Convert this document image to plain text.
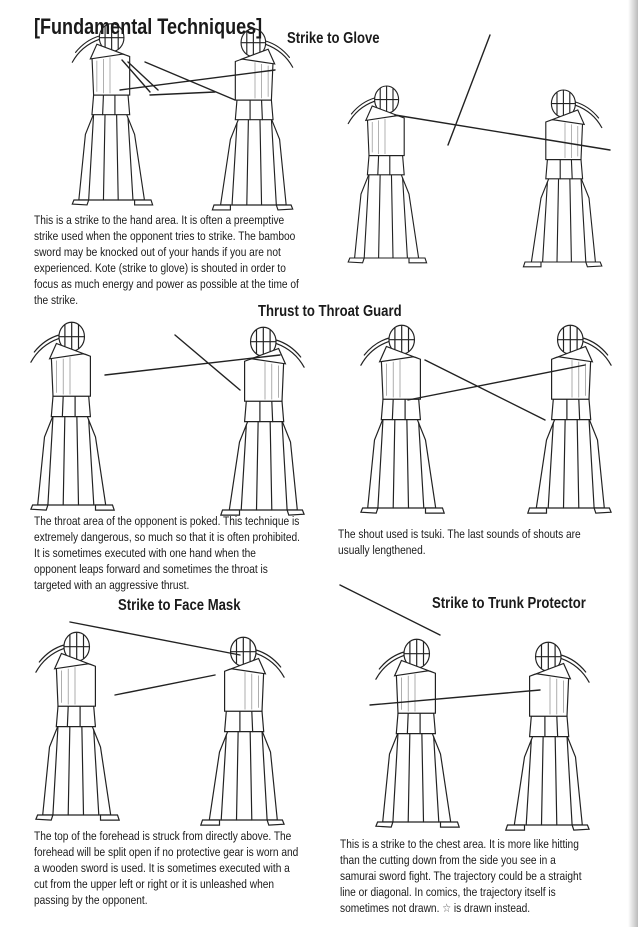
[Fundamental Techniques] Strike to Glove
This is a strike to the hand area. It is often a preemptive
strike used when the opponent tries to strike. The bamboo
sword may be knocked out of your hands if you are not
experienced. Kote (strike to glove) is shouted in order to
focus as much energy and power as possible at the time of
the strike.
Thrust to Throat Guard
The throat area of the opponent is poked. This technique is
extremely dangerous, so much so that it is often prohibited.
It is sometimes executed with one hand when the
opponent leaps forward and sometimes the throat is
targeted with an aggressive thrust.
The shout used is tsuki. The last sounds of shouts are
usually lengthened.
Strike to Face Mask
The top of the forehead is struck from directly above. The
forehead will be split open if no protective gear is worn and
a wooden sword is used. It is sometimes executed with a
cut from the upper left or right or it is unleashed when
passing by the opponent.
Strike to Trunk Protector
This is a strike to the chest area. It is more like hitting
than the cutting down from the side you see in a
samurai sword fight. The trajectory could be a straight
line or diagonal. In comics, the trajectory itself is
sometimes not drawn. ☆ is drawn instead.
